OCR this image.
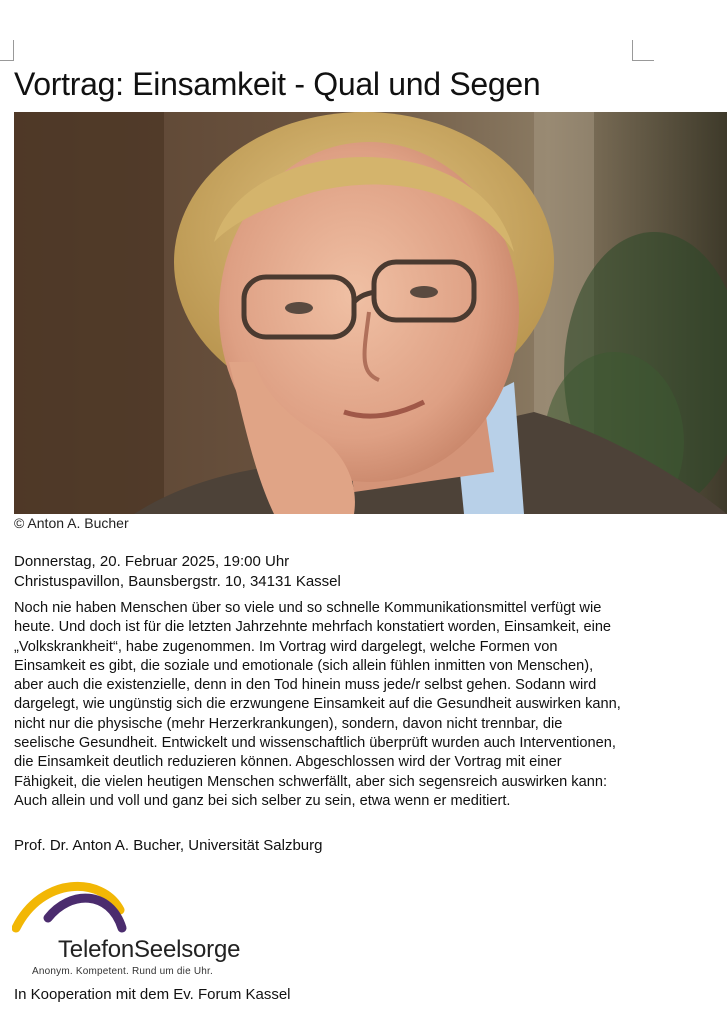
Vortrag: Einsamkeit - Qual und Segen
© Anton A. Bucher
Donnerstag, 20. Februar 2025, 19:00 Uhr
Christuspavillon, Baunsbergstr. 10, 34131 Kassel

Noch nie haben Menschen über so viele und so schnelle Kommunikationsmittel verfügt wie heute. Und doch ist für die letzten Jahrzehnte mehrfach konstatiert worden, Einsamkeit, eine „Volkskrankheit“, habe zugenommen. Im Vortrag wird dargelegt, welche Formen von Einsamkeit es gibt, die soziale und emotionale (sich allein fühlen inmitten von Menschen), aber auch die existenzielle, denn in den Tod hinein muss jede/r selbst gehen. Sodann wird dargelegt, wie ungünstig sich die erzwungene Einsamkeit auf die Gesundheit auswirken kann, nicht nur die physische (mehr Herzerkrankungen), sondern, davon nicht trennbar, die seelische Gesundheit. Entwickelt und wissenschaftlich überprüft wurden auch Interventionen, die Einsamkeit deutlich reduzieren können. Abgeschlossen wird der Vortrag mit einer Fähigkeit, die vielen heutigen Menschen schwerfällt, aber sich segensreich auswirken kann: Auch allein und voll und ganz bei sich selber zu sein, etwa wenn er meditiert.

Prof. Dr. Anton A. Bucher, Universität Salzburg
TelefonSeelsorge
Anonym. Kompetent. Rund um die Uhr.
In Kooperation mit dem Ev. Forum Kassel
